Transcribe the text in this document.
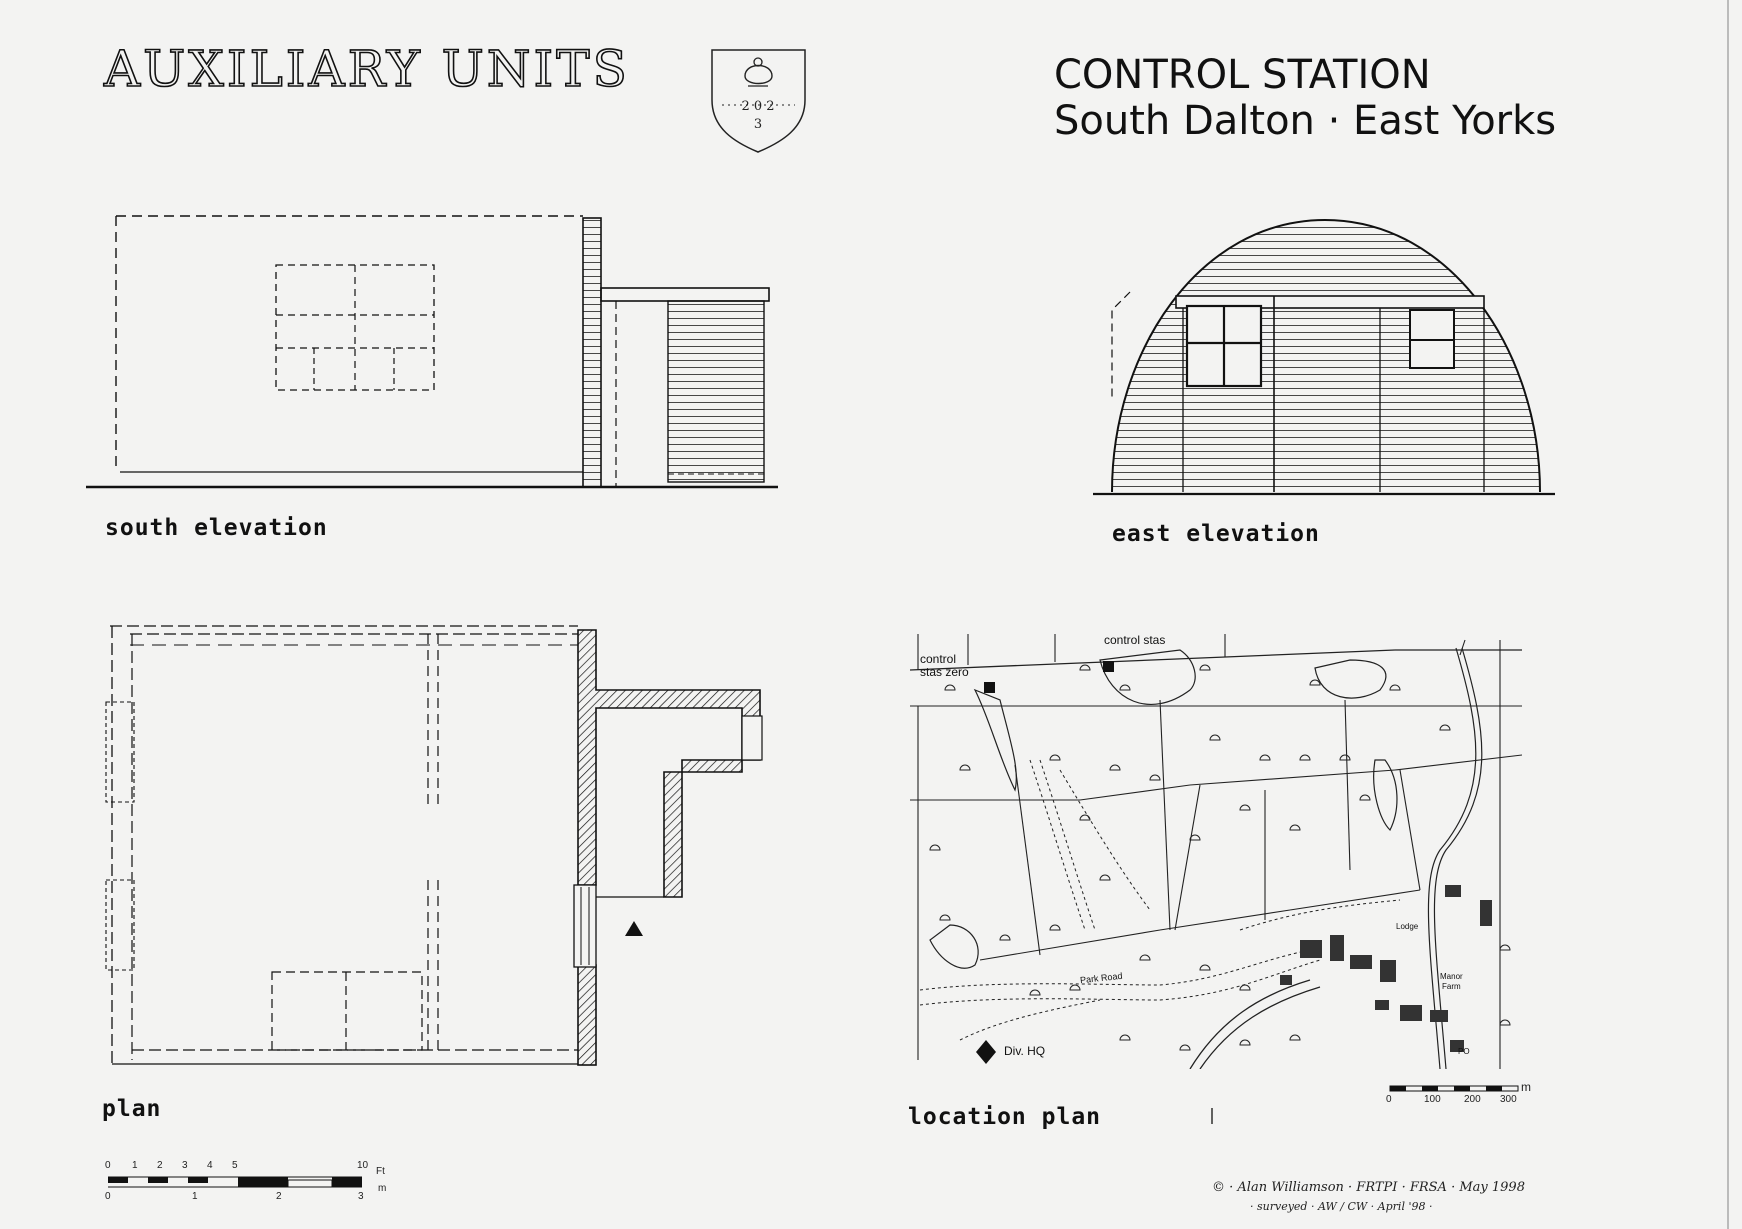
AUXILIARY UNITS	CONTROL STATION
South Dalton · East Yorks
2 0 2
3
south elevation	east elevation
plan	location plan
control stas
control
stas zero
Div. HQ
Park Road	Manor
Farm
Lodge
PO
0 1 2 3 4 5	10
Ft
0	1	2	3
m
0	100 200 300
m
© · Alan Williamson · FRTPI · FRSA · May 1998
· surveyed · AW / CW · April '98 ·
